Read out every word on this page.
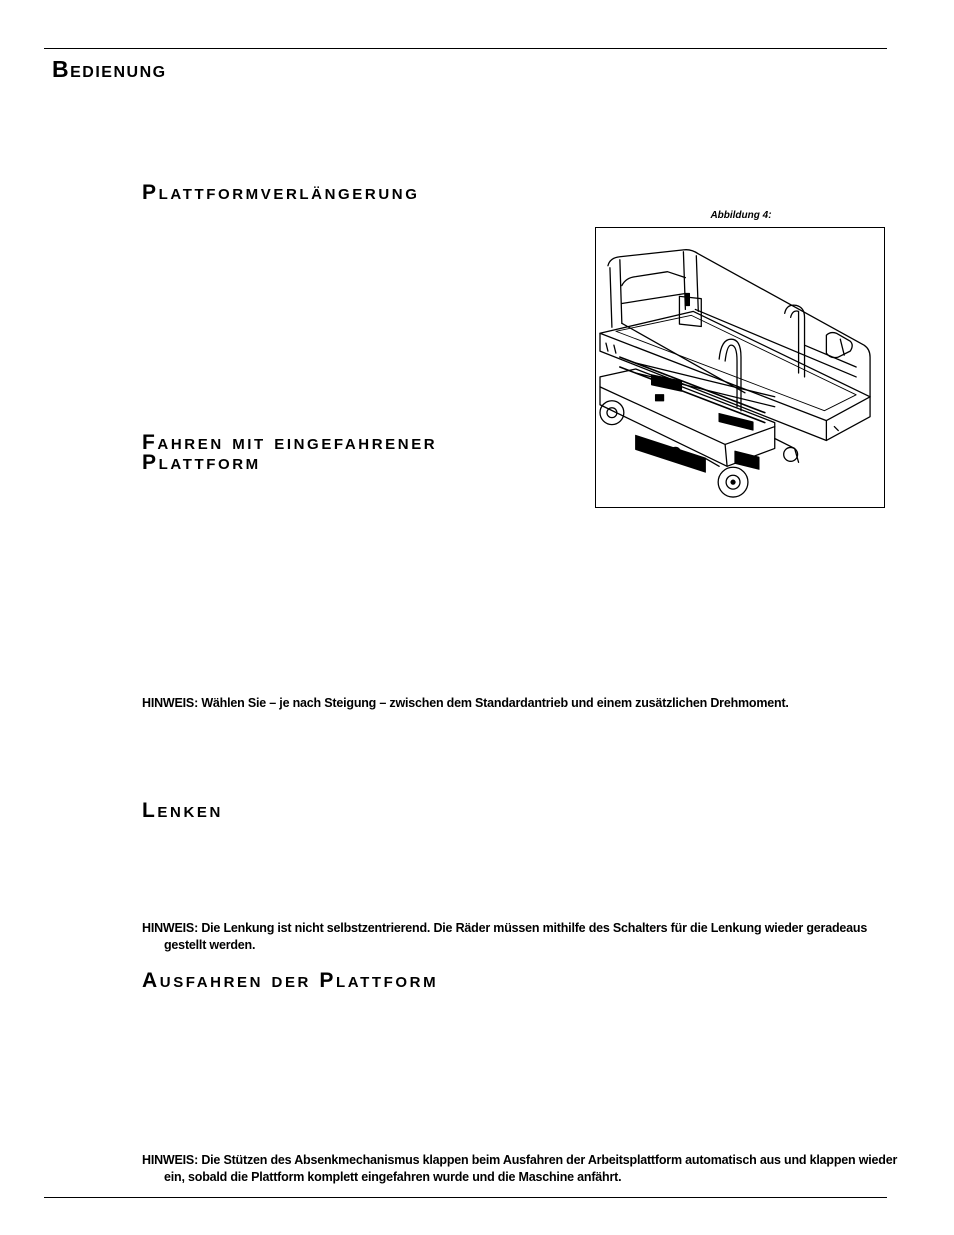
Bedienung
Plattformverlängerung
Abbildung 4:
Fahren mit eingefahrener
Plattform

HINWEIS: Wählen Sie – je nach Steigung – zwischen dem Standardantrieb und einem zusätzlichen Drehmoment.

Lenken

HINWEIS: Die Lenkung ist nicht selbstzentrierend. Die Räder müssen mithilfe des Schalters für die Lenkung wieder geradeaus gestellt werden.

Ausfahren der Plattform

HINWEIS: Die Stützen des Absenkmechanismus klappen beim Ausfahren der Arbeitsplattform automatisch aus und klappen wieder ein, sobald die Plattform komplett eingefahren wurde und die Maschine anfährt.
